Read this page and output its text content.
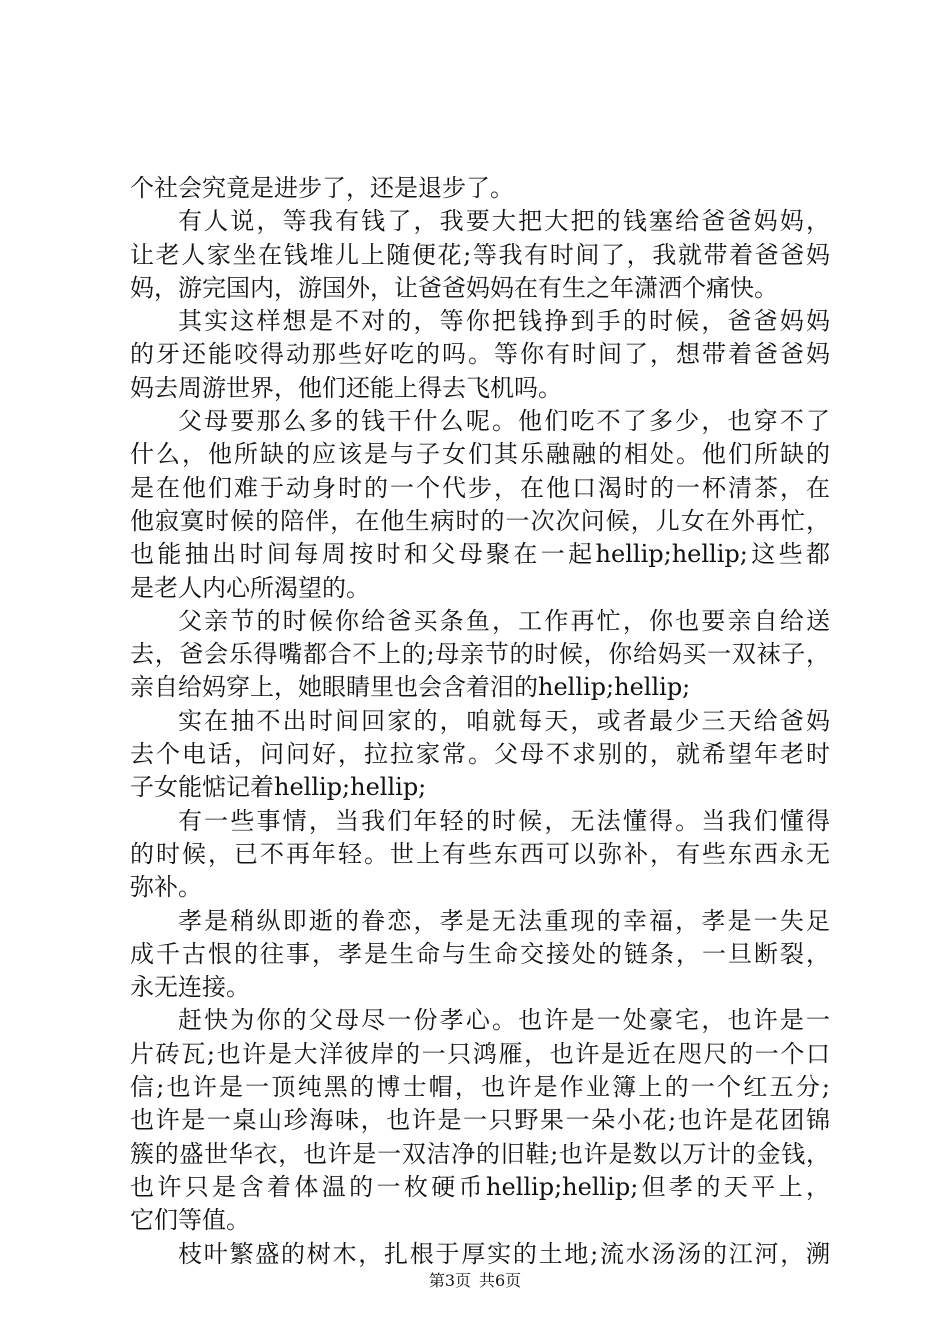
个社会究竟是进步了，还是退步了。
有人说，等我有钱了，我要大把大把的钱塞给爸爸妈妈，
让老人家坐在钱堆儿上随便花;等我有时间了，我就带着爸爸妈
妈，游完国内，游国外，让爸爸妈妈在有生之年潇洒个痛快。
其实这样想是不对的，等你把钱挣到手的时候，爸爸妈妈
的牙还能咬得动那些好吃的吗。等你有时间了，想带着爸爸妈
妈去周游世界，他们还能上得去飞机吗。
父母要那么多的钱干什么呢。他们吃不了多少，也穿不了
什么，他所缺的应该是与子女们其乐融融的相处。他们所缺的
是在他们难于动身时的一个代步，在他口渴时的一杯清茶，在
他寂寞时候的陪伴，在他生病时的一次次问候，儿女在外再忙，
也能抽出时间每周按时和父母聚在一起hellip;hellip;这些都
是老人内心所渴望的。
父亲节的时候你给爸买条鱼，工作再忙，你也要亲自给送
去，爸会乐得嘴都合不上的;母亲节的时候，你给妈买一双袜子，
亲自给妈穿上，她眼睛里也会含着泪的hellip;hellip;
实在抽不出时间回家的，咱就每天，或者最少三天给爸妈
去个电话，问问好，拉拉家常。父母不求别的，就希望年老时
子女能惦记着hellip;hellip;
有一些事情，当我们年轻的时候，无法懂得。当我们懂得
的时候，已不再年轻。世上有些东西可以弥补，有些东西永无
弥补。
孝是稍纵即逝的眷恋，孝是无法重现的幸福，孝是一失足
成千古恨的往事，孝是生命与生命交接处的链条，一旦断裂，
永无连接。
赶快为你的父母尽一份孝心。也许是一处豪宅，也许是一
片砖瓦;也许是大洋彼岸的一只鸿雁，也许是近在咫尺的一个口
信;也许是一顶纯黑的博士帽，也许是作业簿上的一个红五分;
也许是一桌山珍海味，也许是一只野果一朵小花;也许是花团锦
簇的盛世华衣，也许是一双洁净的旧鞋;也许是数以万计的金钱，
也许只是含着体温的一枚硬币hellip;hellip;但孝的天平上，
它们等值。
枝叶繁盛的树木，扎根于厚实的土地;流水汤汤的江河，溯
第3页 共6页
